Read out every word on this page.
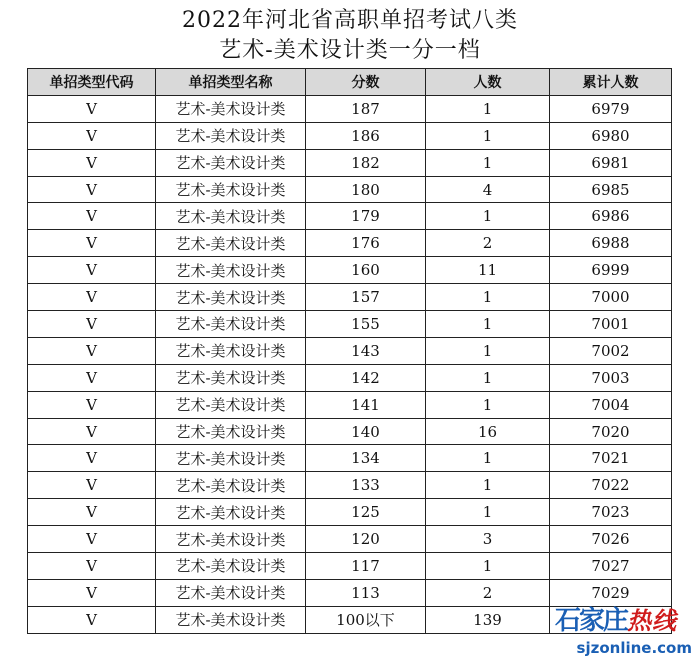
2022年河北省高职单招考试八类
艺术-美术设计类一分一档
单招类型代码	单招类型名称	分数	人数	累计人数
V	艺术-美术设计类	187	1	6979
V	艺术-美术设计类	186	1	6980
V	艺术-美术设计类	182	1	6981
V	艺术-美术设计类	180	4	6985
V	艺术-美术设计类	179	1	6986
V	艺术-美术设计类	176	2	6988
V	艺术-美术设计类	160	11	6999
V	艺术-美术设计类	157	1	7000
V	艺术-美术设计类	155	1	7001
V	艺术-美术设计类	143	1	7002
V	艺术-美术设计类	142	1	7003
V	艺术-美术设计类	141	1	7004
V	艺术-美术设计类	140	16	7020
V	艺术-美术设计类	134	1	7021
V	艺术-美术设计类	133	1	7022
V	艺术-美术设计类	125	1	7023
V	艺术-美术设计类	120	3	7026
V	艺术-美术设计类	117	1	7027
V	艺术-美术设计类	113	2	7029
V	艺术-美术设计类	100以下	139		石家庄热线
sjzonline.com
